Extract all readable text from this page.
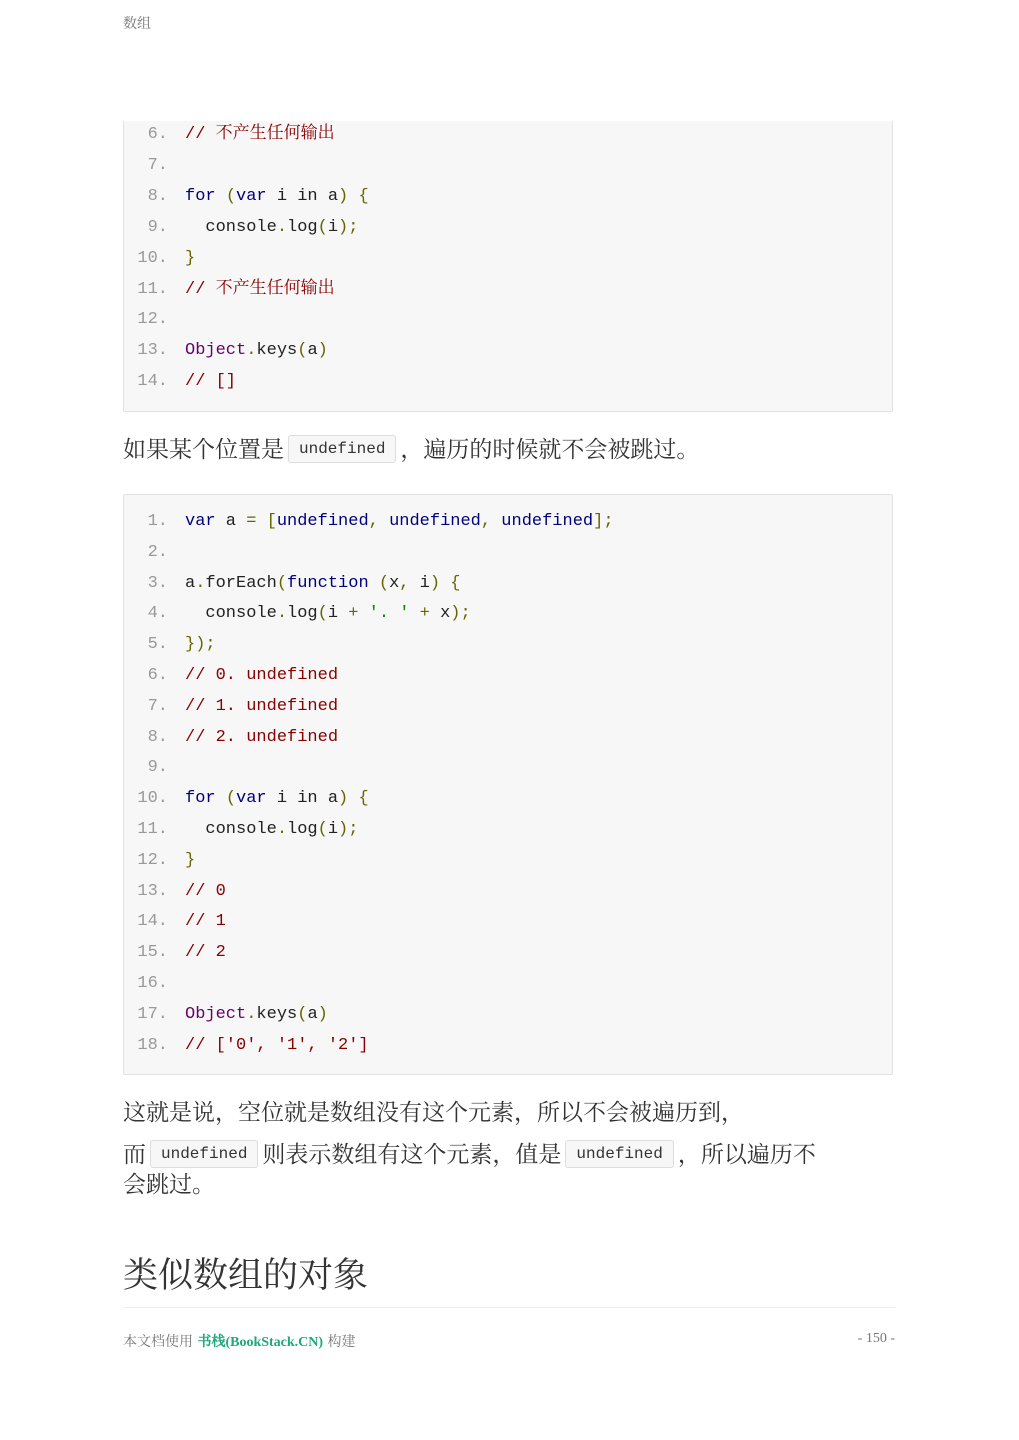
数组
6. // 不产生任何输出
7.
8. for (var i in a) {
9. console.log(i);
10. }
11. // 不产生任何输出
12.
13. Object.keys(a)
14. // []
如果某个位置是 undefined ，遍历的时候就不会被跳过。
1. var a = [undefined, undefined, undefined];
2.
3. a.forEach(function (x, i) {
4. console.log(i + '. ' + x);
5. });
6. // 0. undefined
7. // 1. undefined
8. // 2. undefined
9.
10. for (var i in a) {
11. console.log(i);
12. }
13. // 0
14. // 1
15. // 2
16.
17. Object.keys(a)
18. // ['0', '1', '2']
这就是说，空位就是数组没有这个元素，所以不会被遍历到，
而 undefined 则表示数组有这个元素，值是 undefined ，所以遍历不
会跳过。
类似数组的对象
本文档使用 书栈(BookStack.CN) 构建	- 150 -
